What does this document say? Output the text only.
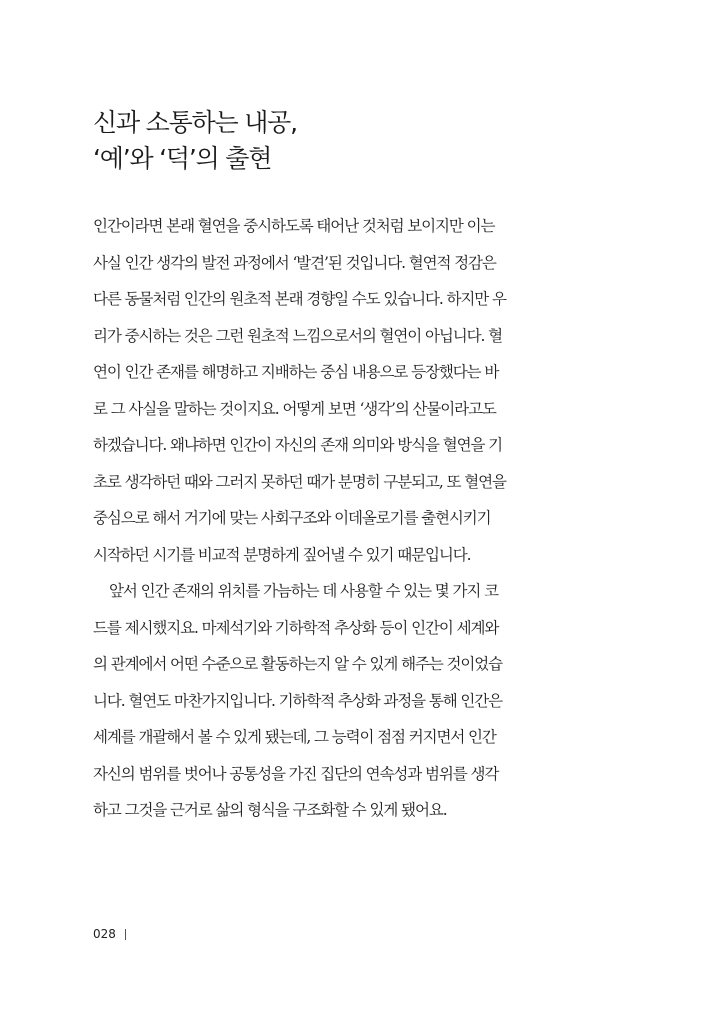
신과 소통하는 내공,
‘예’와 ‘덕’의 출현
인간이라면 본래 혈연을 중시하도록 태어난 것처럼 보이지만 이는
사실 인간 생각의 발전 과정에서 ‘발견’된 것입니다. 혈연적 정감은
다른 동물처럼 인간의 원초적 본래 경향일 수도 있습니다. 하지만 우
리가 중시하는 것은 그런 원초적 느낌으로서의 혈연이 아닙니다. 혈
연이 인간 존재를 해명하고 지배하는 중심 내용으로 등장했다는 바
로 그 사실을 말하는 것이지요. 어떻게 보면 ‘생각’의 산물이라고도
하겠습니다. 왜냐하면 인간이 자신의 존재 의미와 방식을 혈연을 기
초로 생각하던 때와 그러지 못하던 때가 분명히 구분되고, 또 혈연을
중심으로 해서 거기에 맞는 사회구조와 이데올로기를 출현시키기
시작하던 시기를 비교적 분명하게 짚어낼 수 있기 때문입니다.
앞서 인간 존재의 위치를 가늠하는 데 사용할 수 있는 몇 가지 코
드를 제시했지요. 마제석기와 기하학적 추상화 등이 인간이 세계와
의 관계에서 어떤 수준으로 활동하는지 알 수 있게 해주는 것이었습
니다. 혈연도 마찬가지입니다. 기하학적 추상화 과정을 통해 인간은
세계를 개괄해서 볼 수 있게 됐는데, 그 능력이 점점 커지면서 인간
자신의 범위를 벗어나 공통성을 가진 집단의 연속성과 범위를 생각
하고 그것을 근거로 삶의 형식을 구조화할 수 있게 됐어요.
028
